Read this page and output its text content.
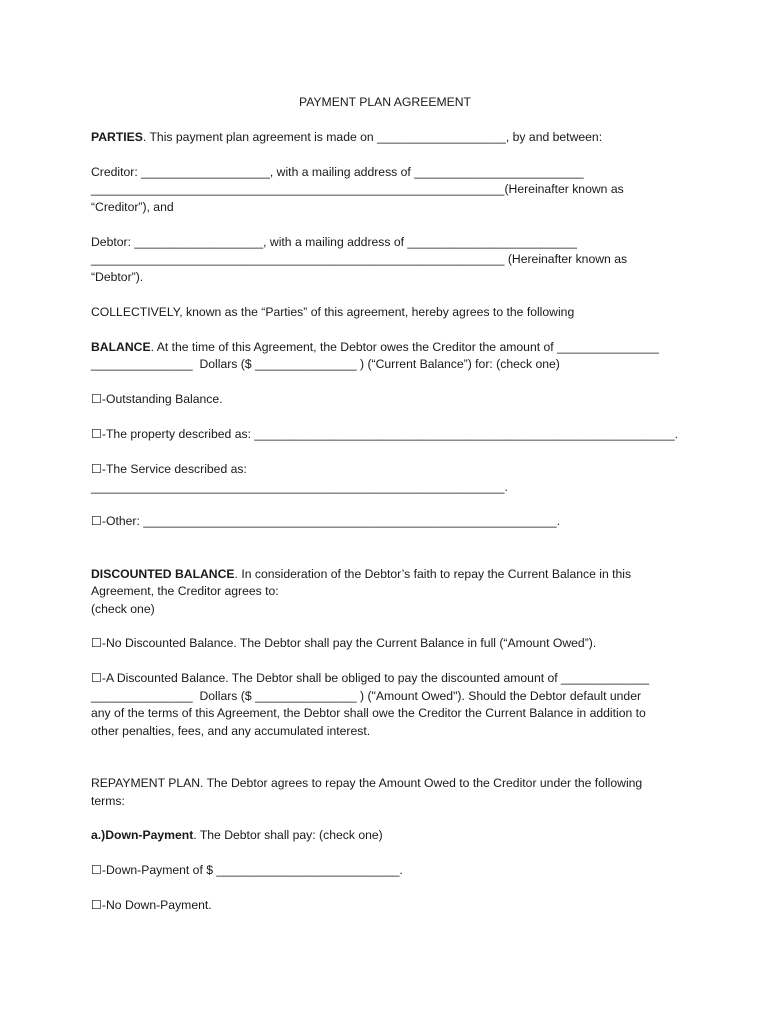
PAYMENT PLAN AGREEMENT
PARTIES. This payment plan agreement is made on ___________________, by and between:
Creditor: ___________________, with a mailing address of _________________________
_____________________________________________________________(Hereinafter known as
“Creditor”), and
Debtor: ___________________, with a mailing address of _________________________
_____________________________________________________________ (Hereinafter known as
“Debtor”).
COLLECTIVELY, known as the “Parties” of this agreement, hereby agrees to the following
BALANCE. At the time of this Agreement, the Debtor owes the Creditor the amount of _______________
_______________  Dollars ($ _______________ ) (“Current Balance”) for: (check one)
☐-Outstanding Balance.
☐-The property described as: ______________________________________________________________.
☐-The Service described as:
_____________________________________________________________.
☐-Other: _____________________________________________________________.
DISCOUNTED BALANCE. In consideration of the Debtor’s faith to repay the Current Balance in this
Agreement, the Creditor agrees to:
(check one)
☐-No Discounted Balance. The Debtor shall pay the Current Balance in full (“Amount Owed”).
☐-A Discounted Balance. The Debtor shall be obliged to pay the discounted amount of _____________
_______________  Dollars ($ _______________ ) ("Amount Owed"). Should the Debtor default under
any of the terms of this Agreement, the Debtor shall owe the Creditor the Current Balance in addition to
other penalties, fees, and any accumulated interest.
REPAYMENT PLAN. The Debtor agrees to repay the Amount Owed to the Creditor under the following
terms:
a.)Down-Payment. The Debtor shall pay: (check one)
☐-Down-Payment of $ ___________________________.
☐-No Down-Payment.
